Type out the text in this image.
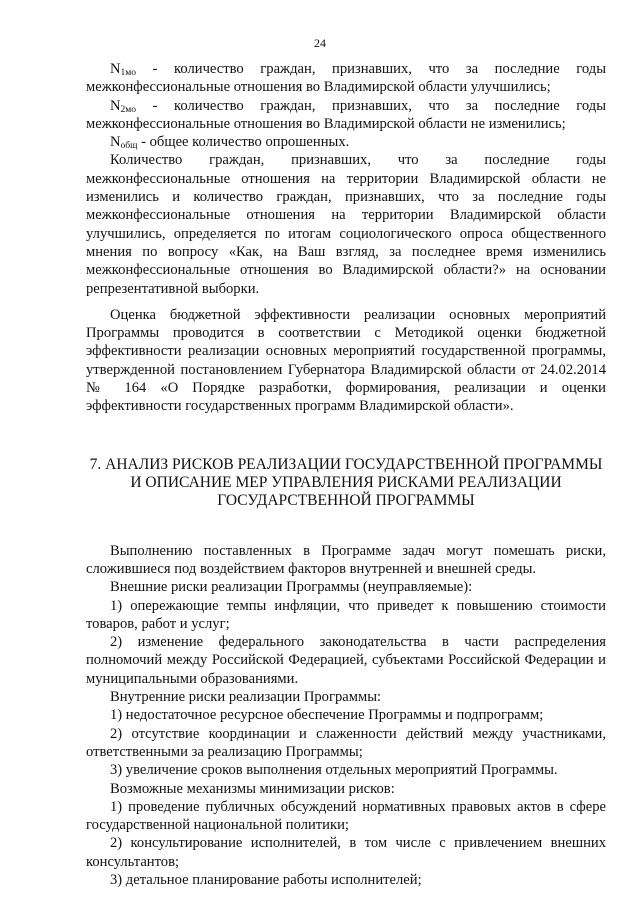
24

$N_{1мо}$ - количество граждан, признавших, что за последние годы межконфессиональные отношения во Владимирской области улучшились;

$N_{2мо}$ - количество граждан, признавших, что за последние годы межконфессиональные отношения во Владимирской области не изменились;

$N_{общ}$ - общее количество опрошенных.

Количество граждан, признавших, что за последние годы межконфессиональные отношения на территории Владимирской области не изменились и количество граждан, признавших, что за последние годы межконфессиональные отношения на территории Владимирской области улучшились, определяется по итогам социологического опроса общественного мнения по вопросу «Как, на Ваш взгляд, за последнее время изменились межконфессиональные отношения во Владимирской области?» на основании репрезентативной выборки.

Оценка бюджетной эффективности реализации основных мероприятий Программы проводится в соответствии с Методикой оценки бюджетной эффективности реализации основных мероприятий государственной программы, утвержденной постановлением Губернатора Владимирской области от 24.02.2014 № 164 «О Порядке разработки, формирования, реализации и оценки эффективности государственных программ Владимирской области».

7. АНАЛИЗ РИСКОВ РЕАЛИЗАЦИИ ГОСУДАРСТВЕННОЙ ПРОГРАММЫ
И ОПИСАНИЕ МЕР УПРАВЛЕНИЯ РИСКАМИ РЕАЛИЗАЦИИ
ГОСУДАРСТВЕННОЙ ПРОГРАММЫ

Выполнению поставленных в Программе задач могут помешать риски, сложившиеся под воздействием факторов внутренней и внешней среды.

Внешние риски реализации Программы (неуправляемые):

1) опережающие темпы инфляции, что приведет к повышению стоимости товаров, работ и услуг;

2) изменение федерального законодательства в части распределения полномочий между Российской Федерацией, субъектами Российской Федерации и муниципальными образованиями.

Внутренние риски реализации Программы:

1) недостаточное ресурсное обеспечение Программы и подпрограмм;

2) отсутствие координации и слаженности действий между участниками, ответственными за реализацию Программы;

3) увеличение сроков выполнения отдельных мероприятий Программы.

Возможные механизмы минимизации рисков:

1) проведение публичных обсуждений нормативных правовых актов в сфере государственной национальной политики;

2) консультирование исполнителей, в том числе с привлечением внешних консультантов;

3) детальное планирование работы исполнителей;
